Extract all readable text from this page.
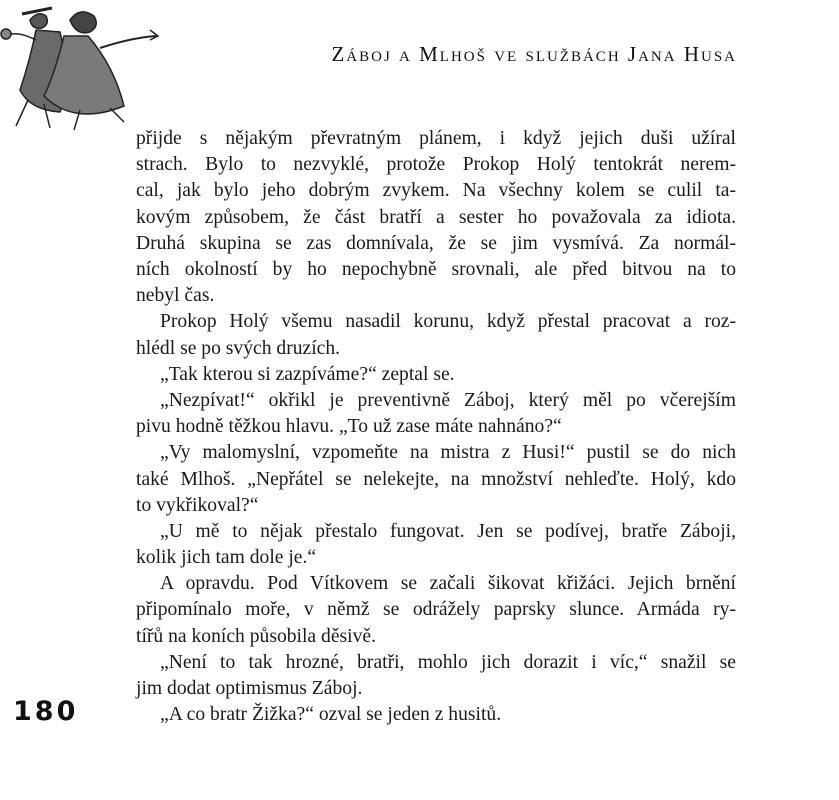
Záboj a Mlhoš ve službách Jana Husa
přijde s nějakým převratným plánem, i když jejich duši užíral
strach. Bylo to nezvyklé, protože Prokop Holý tentokrát nerem-
cal, jak bylo jeho dobrým zvykem. Na všechny kolem se culil ta-
kovým způsobem, že část bratří a sester ho považovala za idiota.
Druhá skupina se zas domnívala, že se jim vysmívá. Za normál-
ních okolností by ho nepochybně srovnali, ale před bitvou na to
nebyl čas.
Prokop Holý všemu nasadil korunu, když přestal pracovat a roz-
hlédl se po svých druzích.
„Tak kterou si zazpíváme?“ zeptal se.
„Nezpívat!“ okřikl je preventivně Záboj, který měl po včerejším
pivu hodně těžkou hlavu. „To už zase máte nahnáno?“
„Vy malomyslní, vzpomeňte na mistra z Husi!“ pustil se do nich
také Mlhoš. „Nepřátel se nelekejte, na množství nehleďte. Holý, kdo
to vykřikoval?“
„U mě to nějak přestalo fungovat. Jen se podívej, bratře Záboji,
kolik jich tam dole je.“
A opravdu. Pod Vítkovem se začali šikovat křižáci. Jejich brnění
připomínalo moře, v němž se odrážely paprsky slunce. Armáda ry-
tířů na koních působila děsivě.
„Není to tak hrozné, bratři, mohlo jich dorazit i víc,“ snažil se
jim dodat optimismus Záboj.
„A co bratr Žižka?“ ozval se jeden z husitů.
180
